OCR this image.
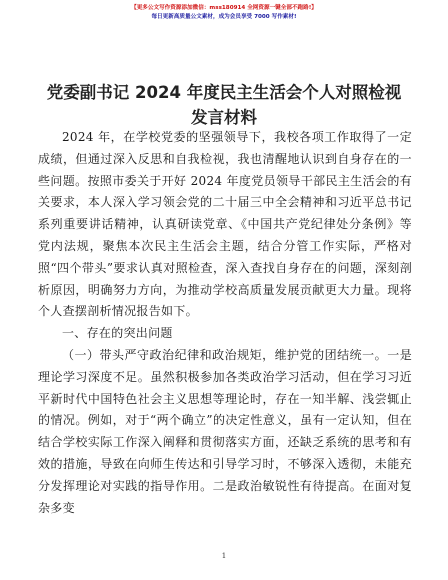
【更多公文写作资源添加微信：mss180914 全网资源一键全部不跑路!】
每日更新高质量公文素材，成为会员享受 7000 写作素材!
党委副书记 2024 年度民主生活会个人对照检视
发言材料

2024 年，在学校党委的坚强领导下，我校各项工作取得了一定成绩，但通过深入反思和自我检视，我也清醒地认识到自身存在的一些问题。按照市委关于开好 2024 年度党员领导干部民主生活会的有关要求，本人深入学习领会党的二十届三中全会精神和习近平总书记系列重要讲话精神，认真研读党章、《中国共产党纪律处分条例》等党内法规，聚焦本次民主生活会主题，结合分管工作实际，严格对照“四个带头”要求认真对照检查，深入查找自身存在的问题，深刻剖析原因，明确努力方向，为推动学校高质量发展贡献更大力量。现将个人查摆剖析情况报告如下。

一、存在的突出问题

（一）带头严守政治纪律和政治规矩，维护党的团结统一。一是理论学习深度不足。虽然积极参加各类政治学习活动，但在学习习近平新时代中国特色社会主义思想等理论时，存在一知半解、浅尝辄止的情况。例如，对于“两个确立”的决定性意义，虽有一定认知，但在结合学校实际工作深入阐释和贯彻落实方面，还缺乏系统的思考和有效的措施，导致在向师生传达和引导学习时，不够深入透彻，未能充分发挥理论对实践的指导作用。二是政治敏锐性有待提高。在面对复杂多变

1
